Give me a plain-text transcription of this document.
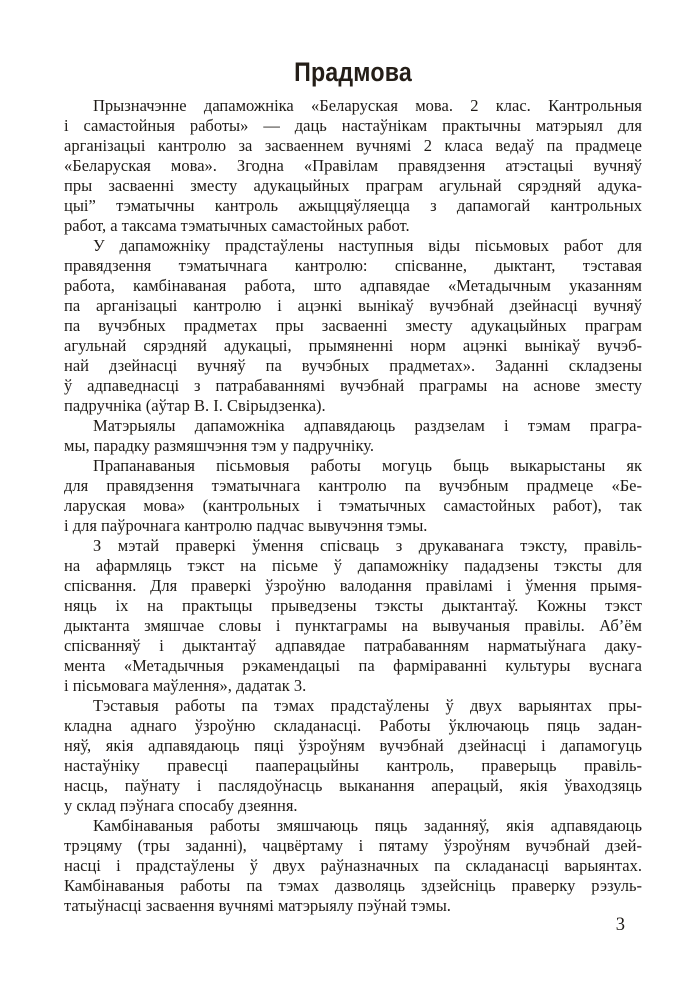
Прадмова
Прызначэнне дапаможніка «Беларуская мова. 2 клас. Кантрольныя
і самастойныя работы» — даць настаўнікам практычны матэрыял для
арганізацыі кантролю за засваеннем вучнямі 2 класа ведаў па прадмеце
«Беларуская мова». Згодна «Правілам правядзення атэстацыі вучняў
пры засваенні зместу адукацыйных праграм агульнай сярэдняй адука-
цыі” тэматычны кантроль ажыццяўляецца з дапамогай кантрольных
работ, а таксама тэматычных самастойных работ.
У дапаможніку прадстаўлены наступныя віды пісьмовых работ для
правядзення тэматычнага кантролю: спісванне, дыктант, тэставая
работа, камбінаваная работа, што адпавядае «Метадычным указанням
па арганізацыі кантролю і ацэнкі вынікаў вучэбнай дзейнасці вучняў
па вучэбных прадметах пры засваенні зместу адукацыйных праграм
агульнай сярэдняй адукацыі, прымяненні норм ацэнкі вынікаў вучэб-
най дзейнасці вучняў па вучэбных прадметах». Заданні складзены
ў адпаведнасці з патрабаваннямі вучэбнай праграмы на аснове зместу
падручніка (аўтар В. І. Свірыдзенка).
Матэрыялы дапаможніка адпавядаюць раздзелам і тэмам прагра-
мы, парадку размяшчэння тэм у падручніку.
Прапанаваныя пісьмовыя работы могуць быць выкарыстаны як
для правядзення тэматычнага кантролю па вучэбным прадмеце «Бе-
ларуская мова» (кантрольных і тэматычных самастойных работ), так
і для паўрочнага кантролю падчас вывучэння тэмы.
З мэтай праверкі ўмення спісваць з друкаванага тэксту, правіль-
на афармляць тэкст на пісьме ў дапаможніку пададзены тэксты для
спісвання. Для праверкі ўзроўню валодання правіламі і ўмення прымя-
няць іх на практыцы прыведзены тэксты дыктантаў. Кожны тэкст
дыктанта змяшчае словы і пунктаграмы на вывучаныя правілы. Аб’ём
спісванняў і дыктантаў адпавядае патрабаванням нарматыўнага даку-
мента «Метадычныя рэкамендацыі па фарміраванні культуры вуснага
і пісьмовага маўлення», дадатак 3.
Тэставыя работы па тэмах прадстаўлены ў двух варыянтах пры-
кладна аднаго ўзроўню складанасці. Работы ўключаюць пяць задан-
няў, якія адпавядаюць пяці ўзроўням вучэбнай дзейнасці і дапамогуць
настаўніку правесці пааперацыйны кантроль, праверыць правіль-
насць, паўнату і паслядоўнасць выканання аперацый, якія ўваходзяць
у склад пэўнага спосабу дзеяння.
Камбінаваныя работы змяшчаюць пяць заданняў, якія адпавядаюць
трэцяму (тры заданні), чацвёртаму і пятаму ўзроўням вучэбнай дзей-
насці і прадстаўлены ў двух раўназначных па складанасці варыянтах.
Камбінаваныя работы па тэмах дазволяць здзейсніць праверку рэзуль-
татыўнасці засваення вучнямі матэрыялу пэўнай тэмы.
3
